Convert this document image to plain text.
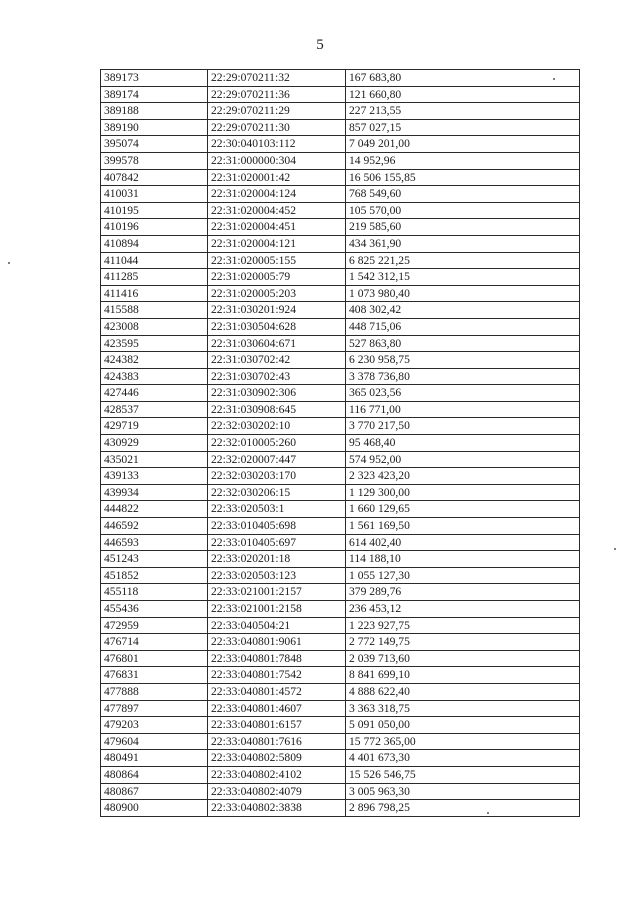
5
389173	22:29:070211:32	167 683,80
389174	22:29:070211:36	121 660,80
389188	22:29:070211:29	227 213,55
389190	22:29:070211:30	857 027,15
395074	22:30:040103:112	7 049 201,00
399578	22:31:000000:304	14 952,96
407842	22:31:020001:42	16 506 155,85
410031	22:31:020004:124	768 549,60
410195	22:31:020004:452	105 570,00
410196	22:31:020004:451	219 585,60
410894	22:31:020004:121	434 361,90
411044	22:31:020005:155	6 825 221,25
411285	22:31:020005:79	1 542 312,15
411416	22:31:020005:203	1 073 980,40
415588	22:31:030201:924	408 302,42
423008	22:31:030504:628	448 715,06
423595	22:31:030604:671	527 863,80
424382	22:31:030702:42	6 230 958,75
424383	22:31:030702:43	3 378 736,80
427446	22:31:030902:306	365 023,56
428537	22:31:030908:645	116 771,00
429719	22:32:030202:10	3 770 217,50
430929	22:32:010005:260	95 468,40
435021	22:32:020007:447	574 952,00
439133	22:32:030203:170	2 323 423,20
439934	22:32:030206:15	1 129 300,00
444822	22:33:020503:1	1 660 129,65
446592	22:33:010405:698	1 561 169,50
446593	22:33:010405:697	614 402,40
451243	22:33:020201:18	114 188,10
451852	22:33:020503:123	1 055 127,30
455118	22:33:021001:2157	379 289,76
455436	22:33:021001:2158	236 453,12
472959	22:33:040504:21	1 223 927,75
476714	22:33:040801:9061	2 772 149,75
476801	22:33:040801:7848	2 039 713,60
476831	22:33:040801:7542	8 841 699,10
477888	22:33:040801:4572	4 888 622,40
477897	22:33:040801:4607	3 363 318,75
479203	22:33:040801:6157	5 091 050,00
479604	22:33:040801:7616	15 772 365,00
480491	22:33:040802:5809	4 401 673,30
480864	22:33:040802:4102	15 526 546,75
480867	22:33:040802:4079	3 005 963,30
480900	22:33:040802:3838	2 896 798,25
